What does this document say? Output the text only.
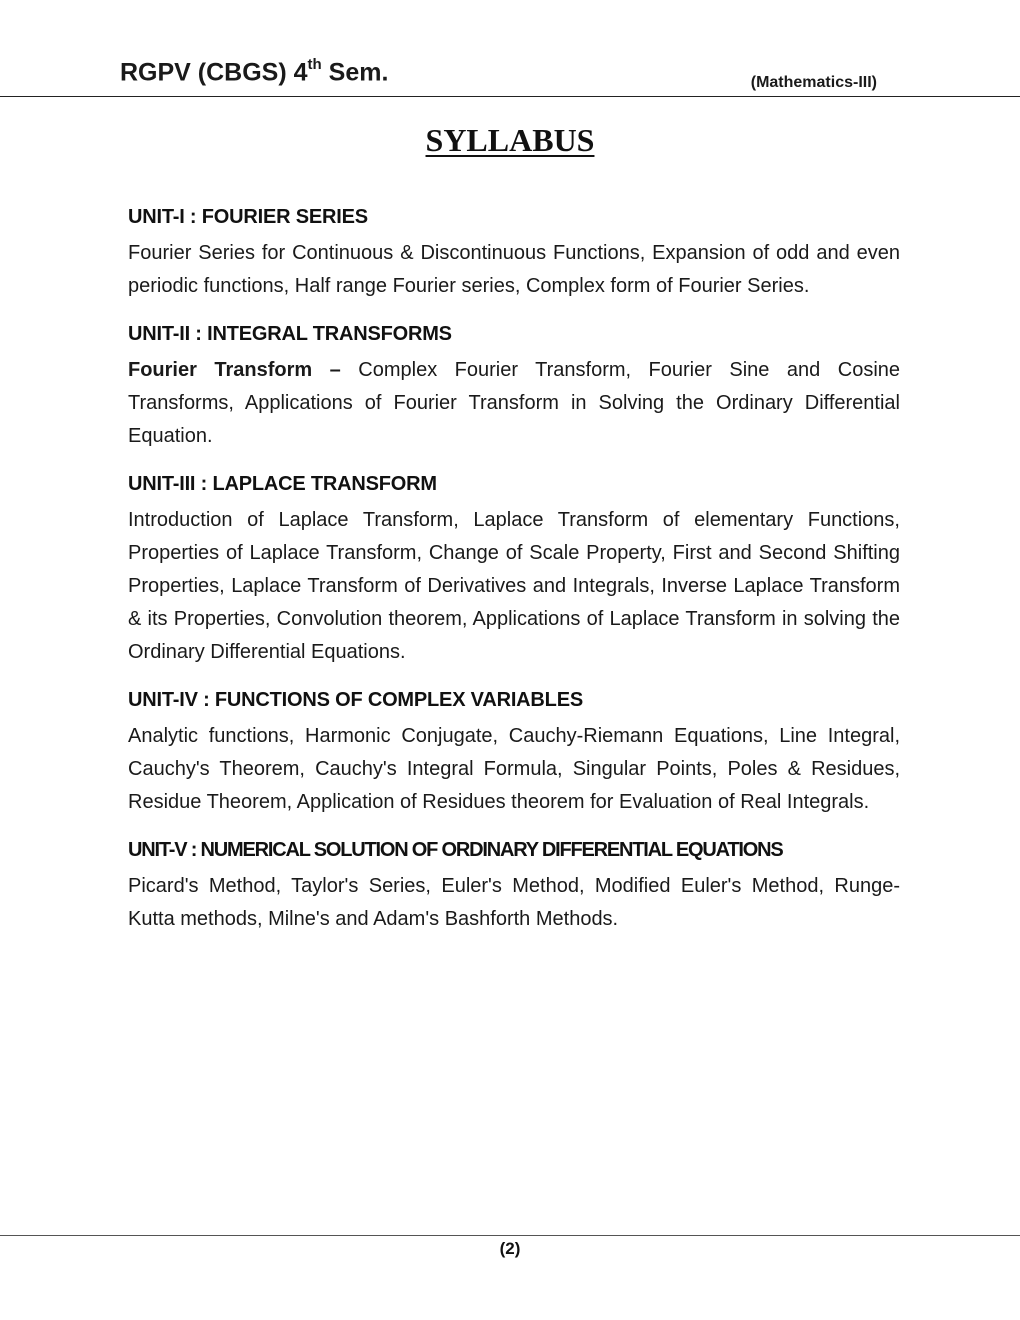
RGPV (CBGS) 4th Sem.	(Mathematics-III)
SYLLABUS

UNIT-I : FOURIER SERIES

Fourier Series for Continuous & Discontinuous Functions, Expansion of odd and even periodic functions, Half range Fourier series, Complex form of Fourier Series.

UNIT-II : INTEGRAL TRANSFORMS

Fourier Transform – Complex Fourier Transform, Fourier Sine and Cosine Transforms, Applications of Fourier Transform in Solving the Ordinary Differential Equation.

UNIT-III : LAPLACE TRANSFORM

Introduction of Laplace Transform, Laplace Transform of elementary Functions, Properties of Laplace Transform, Change of Scale Property, First and Second Shifting Properties, Laplace Transform of Derivatives and Integrals, Inverse Laplace Transform & its Properties, Convolution theorem, Applications of Laplace Transform in solving the Ordinary Differential Equations.

UNIT-IV : FUNCTIONS OF COMPLEX VARIABLES

Analytic functions, Harmonic Conjugate, Cauchy-Riemann Equations, Line Integral, Cauchy's Theorem, Cauchy's Integral Formula, Singular Points, Poles & Residues, Residue Theorem, Application of Residues theorem for Evaluation of Real Integrals.

UNIT-V : NUMERICAL SOLUTION OF ORDINARY DIFFERENTIAL EQUATIONS

Picard's Method, Taylor's Series, Euler's Method, Modified Euler's Method, Runge-Kutta methods, Milne's and Adam's Bashforth Methods.

(2)
